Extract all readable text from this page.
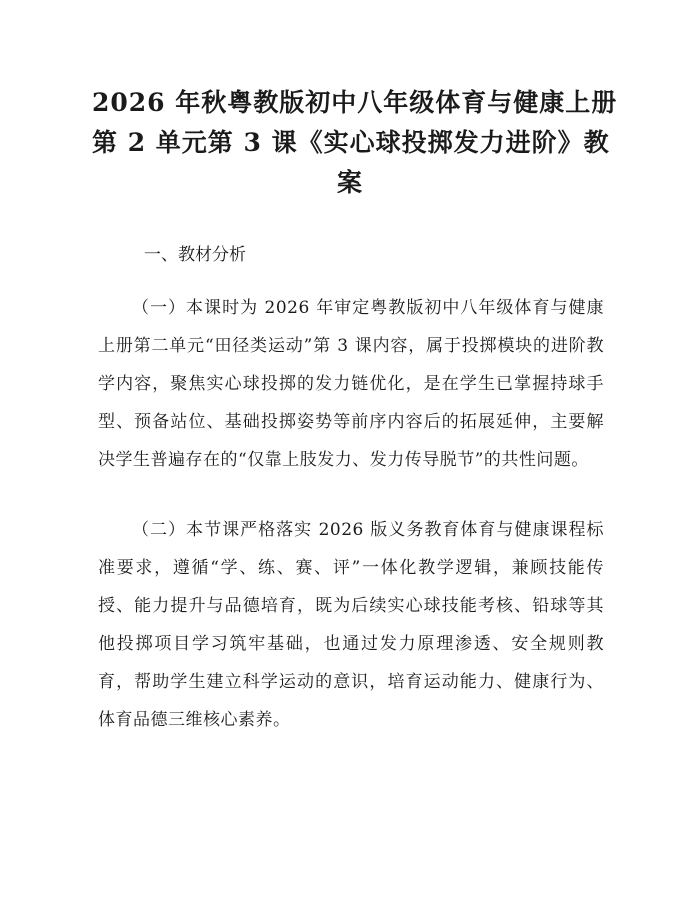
2026 年秋粤教版初中八年级体育与健康上册
第 2 单元第 3 课《实心球投掷发力进阶》教
案

一、教材分析

（一）本课时为 2026 年审定粤教版初中八年级体育与健康上册第二单元“田径类运动”第 3 课内容，属于投掷模块的进阶教学内容，聚焦实心球投掷的发力链优化，是在学生已掌握持球手型、预备站位、基础投掷姿势等前序内容后的拓展延伸，主要解决学生普遍存在的“仅靠上肢发力、发力传导脱节”的共性问题。

（二）本节课严格落实 2026 版义务教育体育与健康课程标准要求，遵循“学、练、赛、评”一体化教学逻辑，兼顾技能传授、能力提升与品德培育，既为后续实心球技能考核、铅球等其他投掷项目学习筑牢基础，也通过发力原理渗透、安全规则教育，帮助学生建立科学运动的意识，培育运动能力、健康行为、体育品德三维核心素养。
